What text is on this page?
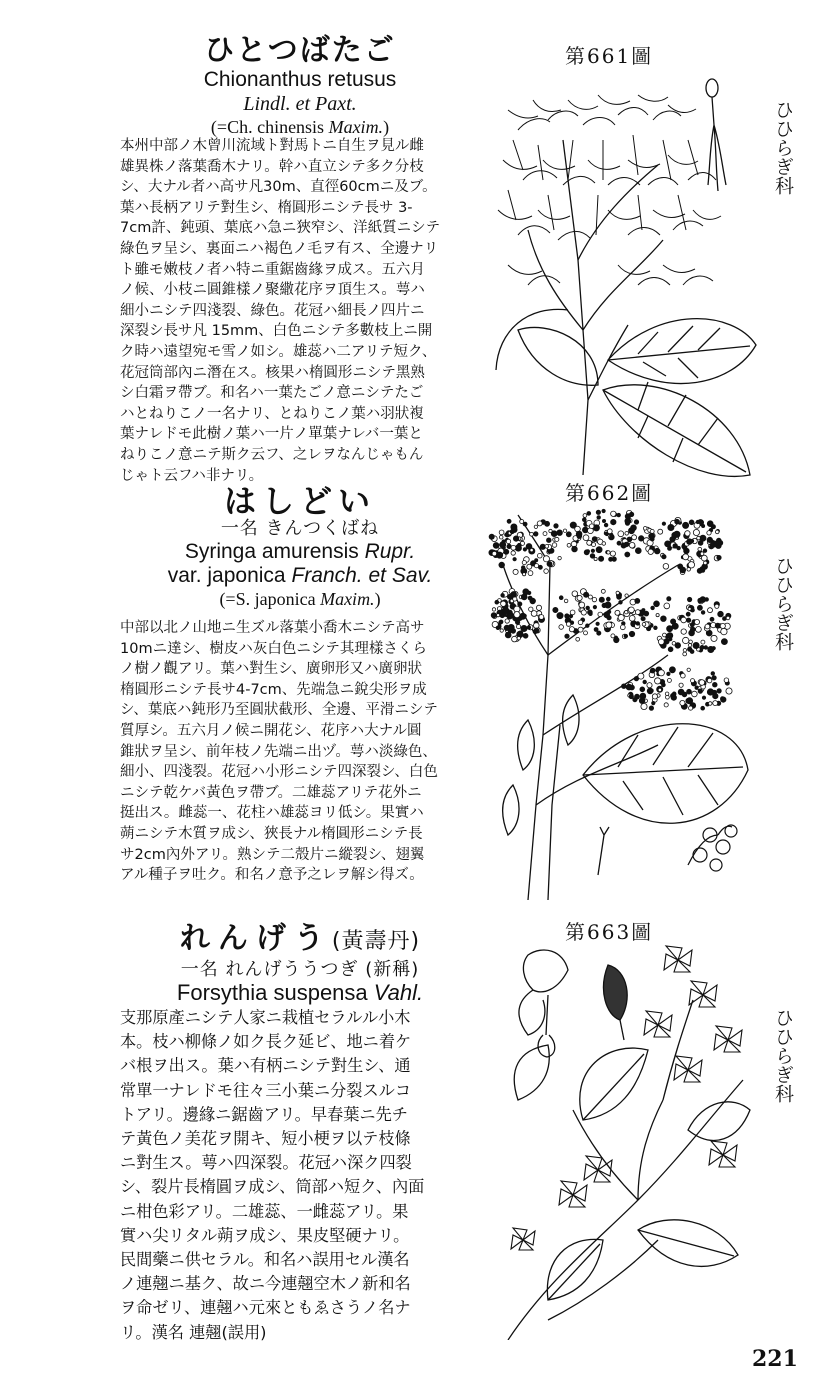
ひとつばたご
Chionanthus retusus
Lindl. et Paxt.
(=Ch. chinensis Maxim.)
本州中部ノ木曾川流域ト對馬トニ自生ヲ見ル雌
雄異株ノ落葉喬木ナリ。幹ハ直立シテ多ク分枝
シ、大ナル者ハ高サ凡30m、直徑60cmニ及ブ。
葉ハ長柄アリテ對生シ、楕圓形ニシテ長サ 3-
7cm許、鈍頭、葉底ハ急ニ狹窄シ、洋紙質ニシテ
綠色ヲ呈シ、裏面ニハ褐色ノ毛ヲ有ス、全邊ナリ
ト雖モ嫩枝ノ者ハ特ニ重鋸齒緣ヲ成ス。五六月
ノ候、小枝ニ圓錐樣ノ聚繖花序ヲ頂生ス。萼ハ
細小ニシテ四淺裂、綠色。花冠ハ細長ノ四片ニ
深裂シ長サ凡 15mm、白色ニシテ多數枝上ニ開
ク時ハ遠望宛モ雪ノ如シ。雄蕊ハ二アリテ短ク、
花冠筒部內ニ潛在ス。核果ハ楕圓形ニシテ黑熟
シ白霜ヲ帶ブ。和名ハ一葉たごノ意ニシテたご
ハとねりこノ一名ナリ、とねりこノ葉ハ羽狀複
葉ナレドモ此樹ノ葉ハ一片ノ單葉ナレバ一葉と
ねりこノ意ニテ斯ク云フ、之レヲなんじゃもん
じゃト云フハ非ナリ。
はしどい
一名 きんつくばね
Syringa amurensis Rupr.
var. japonica Franch. et Sav.
(=S. japonica Maxim.)
中部以北ノ山地ニ生ズル落葉小喬木ニシテ高サ
10mニ達シ、樹皮ハ灰白色ニシテ其理樣さくら
ノ樹ノ觀アリ。葉ハ對生シ、廣卵形又ハ廣卵狀
楕圓形ニシテ長サ4-7cm、先端急ニ銳尖形ヲ成
シ、葉底ハ鈍形乃至圓狀截形、全邊、平滑ニシテ
質厚シ。五六月ノ候ニ開花シ、花序ハ大ナル圓
錐狀ヲ呈シ、前年枝ノ先端ニ出ヅ。萼ハ淡綠色、
細小、四淺裂。花冠ハ小形ニシテ四深裂シ、白色
ニシテ乾ケバ黃色ヲ帶ブ。二雄蕊アリテ花外ニ
挺出ス。雌蕊一、花柱ハ雄蕊ヨリ低シ。果實ハ
蒴ニシテ木質ヲ成シ、狹長ナル楕圓形ニシテ長
サ2cm內外アリ。熟シテ二殼片ニ縱裂シ、翅翼
アル種子ヲ吐ク。和名ノ意予之レヲ解シ得ズ。
れんげう(黃壽丹)
一名 れんげううつぎ (新稱)
Forsythia suspensa Vahl.
支那原產ニシテ人家ニ栽植セラルル小木
本。枝ハ柳條ノ如ク長ク延ビ、地ニ着ケ
バ根ヲ出ス。葉ハ有柄ニシテ對生シ、通
常單一ナレドモ往々三小葉ニ分裂スルコ
トアリ。邊緣ニ鋸齒アリ。早春葉ニ先チ
テ黃色ノ美花ヲ開キ、短小梗ヲ以テ枝條
ニ對生ス。萼ハ四深裂。花冠ハ深ク四裂
シ、裂片長楕圓ヲ成シ、筒部ハ短ク、內面
ニ柑色彩アリ。二雄蕊、一雌蕊アリ。果
實ハ尖リタル蒴ヲ成シ、果皮堅硬ナリ。
民間藥ニ供セラル。和名ハ誤用セル漢名
ノ連翹ニ基ク、故ニ今連翹空木ノ新和名
ヲ命ゼリ、連翹ハ元來ともゑさうノ名ナ
リ。漢名 連翹(誤用)
第661圖
第662圖
第663圖
ひひらぎ科
ひひらぎ科
ひひらぎ科
221
